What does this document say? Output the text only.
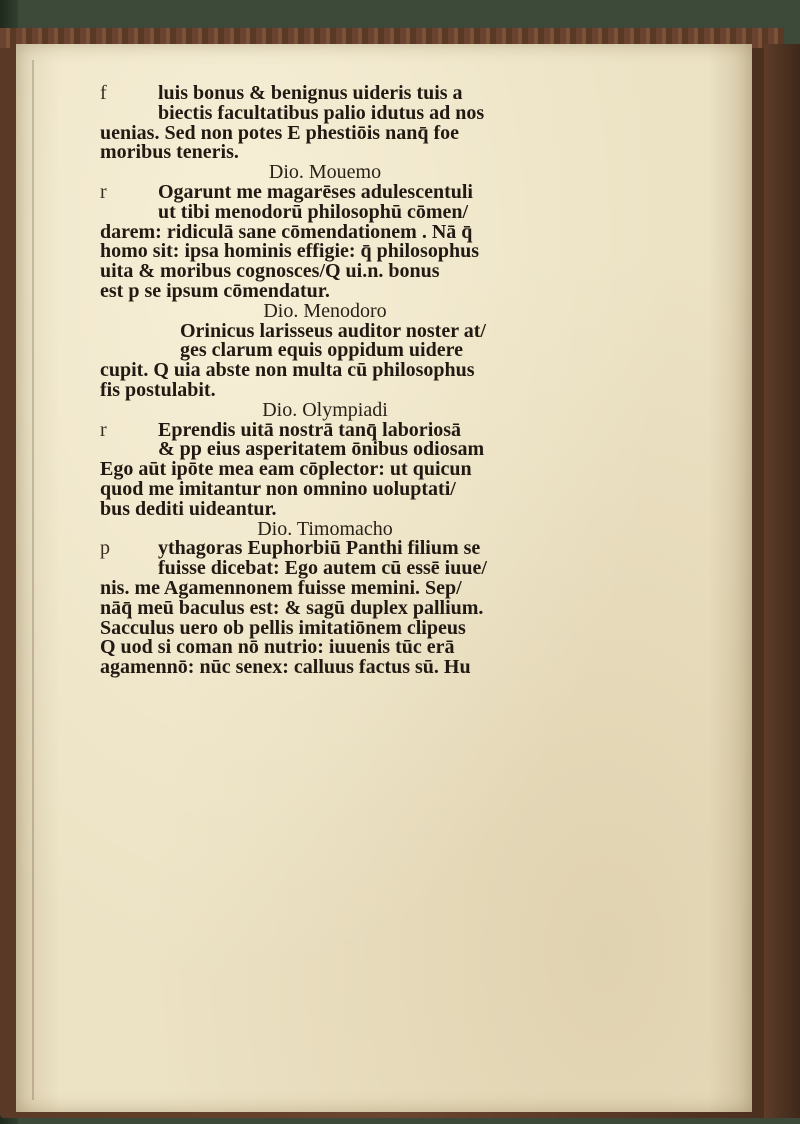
f	luis bonus & benignus uideris tuis a
biectis facultatibus palio idutus ad nos
uenias. Sed non potes E phestiōis nanq̄ foe
moribus teneris.
Dio. Mouemo
r	Ogarunt me magarēses adulescentuli
ut tibi menodorū philosophū cōmen/
darem: ridiculā sane cōmendationem . Nā q̄
homo sit: ipsa hominis effigie: q̄ philosophus
uita & moribus cognosces/Q ui.n. bonus
est p se ipsum cōmendatur.
Dio. Menodoro
Orinicus larisseus auditor noster at/
ges clarum equis oppidum uidere
cupit. Q uia abste non multa cū philosophus
fis postulabit.
Dio. Olympiadi
r	Eprendis uitā nostrā tanq̄ laboriosā
& pp eius asperitatem ōnibus odiosam
Ego aūt ipōte mea eam cōplector: ut quicun
quod me imitantur non omnino uoluptati/
bus dediti uideantur.
Dio. Timomacho
p ythagoras Euphorbiū Panthi filium se
fuisse dicebat: Ego autem cū essē iuue/
nis. me Agamennonem fuisse memini. Sep/
nāq̄ meū baculus est: & sagū duplex pallium.
Sacculus uero ob pellis imitatiōnem clipeus
Q uod si coman nō nutrio: iuuenis tūc erā
agamennō: nūc senex: calluus factus sū. Hu
